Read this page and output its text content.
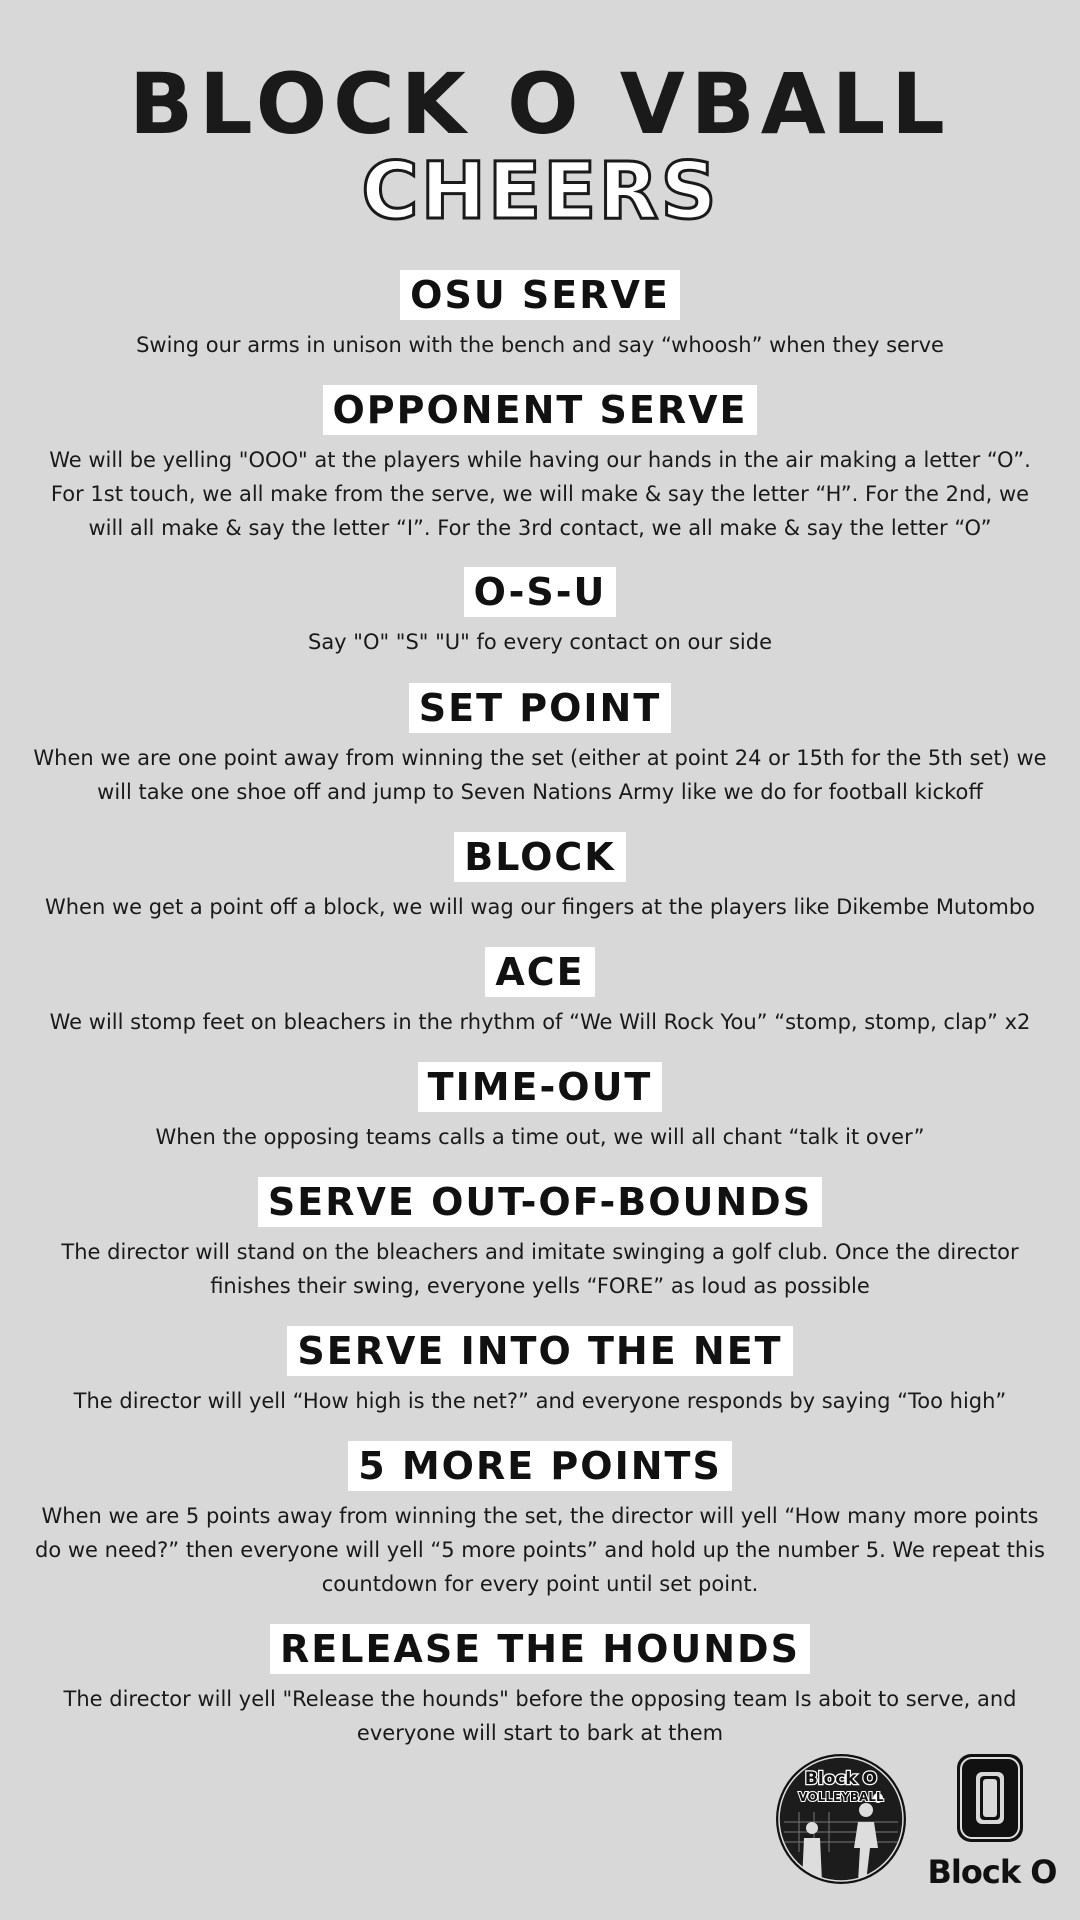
BLOCK O VBALL
CHEERS
OSU SERVE
Swing our arms in unison with the bench and say “whoosh” when they serve
OPPONENT SERVE
We will be yelling "OOO" at the players while having our hands in the air making a letter “O”.
For 1st touch, we all make from the serve, we will make & say the letter “H”. For the 2nd, we
will all make & say the letter “I”. For the 3rd contact, we all make & say the letter “O”
O-S-U
Say "O" "S" "U" fo every contact on our side
SET POINT
When we are one point away from winning the set (either at point 24 or 15th for the 5th set) we
will take one shoe off and jump to Seven Nations Army like we do for football kickoff
BLOCK
When we get a point off a block, we will wag our fingers at the players like Dikembe Mutombo
ACE
We will stomp feet on bleachers in the rhythm of “We Will Rock You” “stomp, stomp, clap” x2
TIME-OUT
When the opposing teams calls a time out, we will all chant “talk it over”
SERVE OUT-OF-BOUNDS
The director will stand on the bleachers and imitate swinging a golf club. Once the director
finishes their swing, everyone yells “FORE” as loud as possible
SERVE INTO THE NET
The director will yell “How high is the net?” and everyone responds by saying “Too high”
5 MORE POINTS
When we are 5 points away from winning the set, the director will yell “How many more points
do we need?” then everyone will yell “5 more points” and hold up the number 5. We repeat this
countdown for every point until set point.
RELEASE THE HOUNDS
The director will yell "Release the hounds" before the opposing team Is aboit to serve, and
everyone will start to bark at them
Block O
VOLLEYBALL
Block O
